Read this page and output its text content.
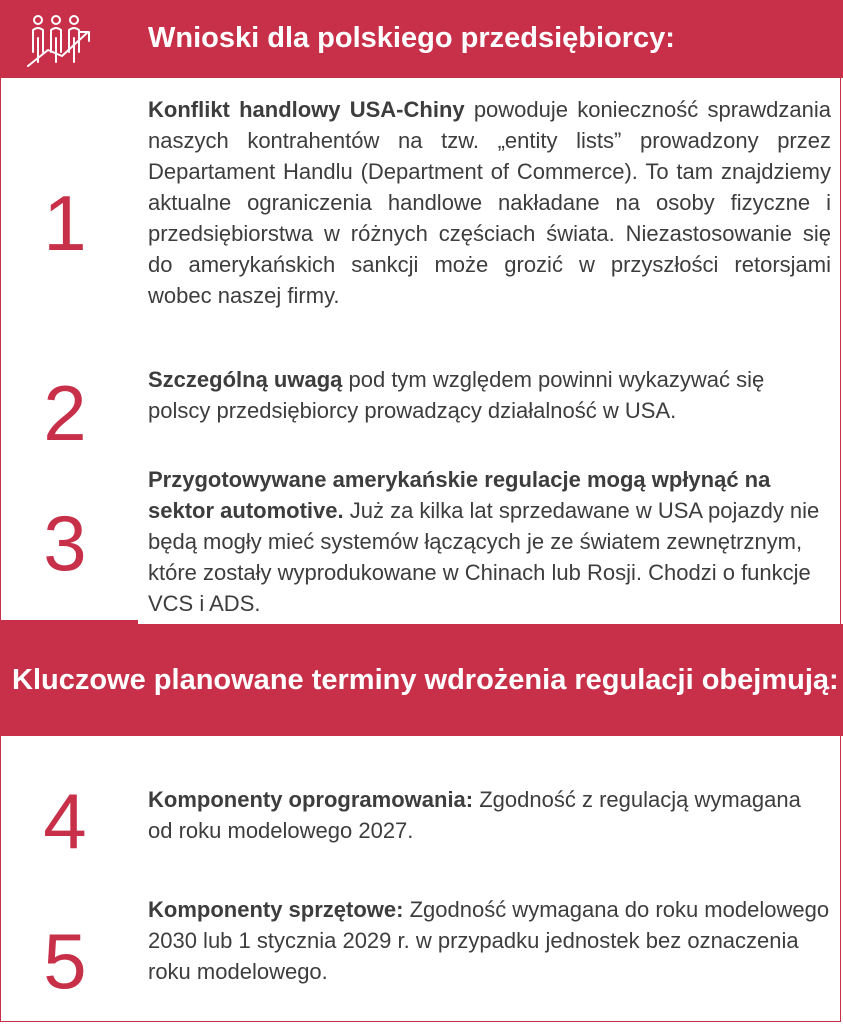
Wnioski dla polskiego przedsiębiorcy:
1
Konflikt handlowy USA-Chiny powoduje konieczność sprawdzania naszych kontrahentów na tzw. „entity lists” prowadzony przez Departament Handlu (Department of Commerce). To tam znajdziemy aktualne ograniczenia handlowe nakładane na osoby fizyczne i przedsiębiorstwa w różnych częściach świata. Niezastosowanie się do amerykańskich sankcji może grozić w przyszłości retorsjami wobec naszej firmy.
2	Szczególną uwagą pod tym względem powinni wykazywać się polscy przedsiębiorcy prowadzący działalność w USA.
3
Przygotowywane amerykańskie regulacje mogą wpłynąć na sektor automotive. Już za kilka lat sprzedawane w USA pojazdy nie będą mogły mieć systemów łączących je ze światem zewnętrznym, które zostały wyprodukowane w Chinach lub Rosji. Chodzi o funkcje VCS i ADS.
Kluczowe planowane terminy wdrożenia regulacji obejmują:
4	Komponenty oprogramowania: Zgodność z regulacją wymagana od roku modelowego 2027.
5
Komponenty sprzętowe: Zgodność wymagana do roku modelowego 2030 lub 1 stycznia 2029 r. w przypadku jednostek bez oznaczenia roku modelowego.
